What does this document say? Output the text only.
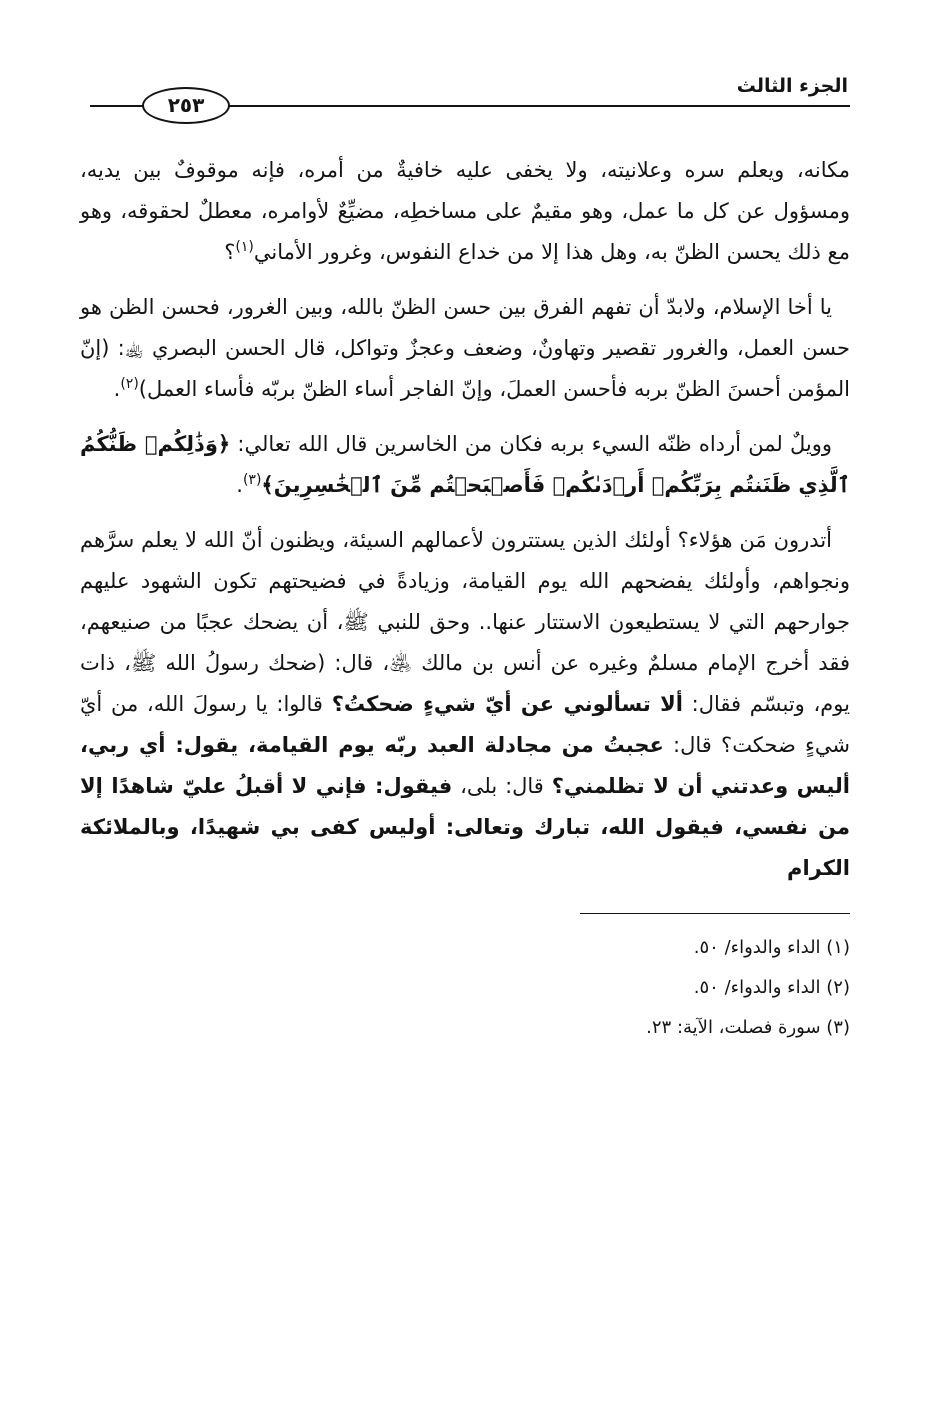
الجزء الثالث
٢٥٣

مكانه، ويعلم سره وعلانيته، ولا يخفى عليه خافيةٌ من أمره، فإنه موقوفٌ بين يديه، ومسؤول عن كل ما عمل، وهو مقيمٌ على مساخطِه، مضيِّعٌ لأوامره، معطلٌ لحقوقه، وهو مع ذلك يحسن الظنّ به، وهل هذا إلا من خداع النفوس، وغرور الأماني$^{(١)}$؟

يا أخا الإسلام، ولابدّ أن تفهم الفرق بين حسن الظنّ بالله، وبين الغرور، فحسن الظن هو حسن العمل، والغرور تقصير وتهاونٌ، وضعف وعجزٌ وتواكل، قال الحسن البصري ﵀: (إنّ المؤمن أحسنَ الظنّ بربه فأحسن العملَ، وإنّ الفاجر أساء الظنّ بربّه فأساء العمل)$^{(٢)}$.

وويلٌ لمن أرداه ظنّه السيء بربه فكان من الخاسرين قال الله تعالي: ﴿وَذَٰلِكُمۡ ظَنُّكُمُ ٱلَّذِي ظَنَنتُم بِرَبِّكُمۡ أَرۡدَىٰكُمۡ فَأَصۡبَحۡتُم مِّنَ ٱلۡخَٰسِرِينَ﴾$^{(٣)}$.

أتدرون مَن هؤلاء؟ أولئك الذين يستترون لأعمالهم السيئة، ويظنون أنّ الله لا يعلم سرَّهم ونجواهم، وأولئك يفضحهم الله يوم القيامة، وزيادةً في فضيحتهم تكون الشهود عليهم جوارحهم التي لا يستطيعون الاستتار عنها.. وحق للنبي ﷺ، أن يضحك عجبًا من صنيعهم، فقد أخرج الإمام مسلمٌ وغيره عن أنس بن مالك ﵁، قال: (ضحك رسولُ الله ﷺ، ذات يوم، وتبسّم فقال: ألا تسألوني عن أيّ شيءٍ ضحكتُ؟ قالوا: يا رسولَ الله، من أيّ شيءٍ ضحكت؟ قال: عجبتُ من مجادلة العبد ربّه يوم القيامة، يقول: أي ربي، أليس وعدتني أن لا تظلمني؟ قال: بلى، فيقول: فإني لا أقبلُ عليّ شاهدًا إلا من نفسي، فيقول الله، تبارك وتعالى: أوليس كفى بي شهيدًا، وبالملائكة الكرام

(١) الداء والدواء/ ٥٠.
(٢) الداء والدواء/ ٥٠.
(٣) سورة فصلت، الآية: ٢٣.
